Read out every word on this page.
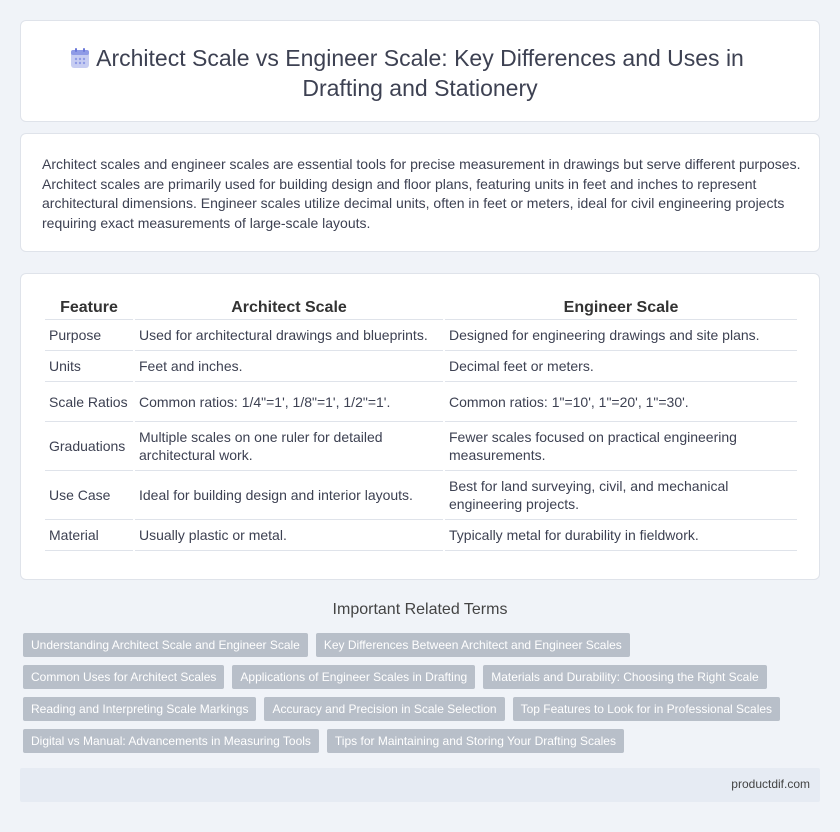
Architect Scale vs Engineer Scale: Key Differences and Uses in Drafting and Stationery

Architect scales and engineer scales are essential tools for precise measurement in drawings but serve different purposes. Architect scales are primarily used for building design and floor plans, featuring units in feet and inches to represent architectural dimensions. Engineer scales utilize decimal units, often in feet or meters, ideal for civil engineering projects requiring exact measurements of large-scale layouts.

Feature	Architect Scale	Engineer Scale
Purpose	Used for architectural drawings and blueprints.	Designed for engineering drawings and site plans.
Units	Feet and inches.	Decimal feet or meters.
Scale Ratios	Common ratios: 1/4"=1', 1/8"=1', 1/2"=1'.	Common ratios: 1"=10', 1"=20', 1"=30'.
Graduations	Multiple scales on one ruler for detailed architectural work.	Fewer scales focused on practical engineering measurements.
Use Case	Ideal for building design and interior layouts.	Best for land surveying, civil, and mechanical engineering projects.
Material	Usually plastic or metal.	Typically metal for durability in fieldwork.
Important Related Terms
Understanding Architect Scale and Engineer Scale	Key Differences Between Architect and Engineer Scales
Common Uses for Architect Scales	Applications of Engineer Scales in Drafting	Materials and Durability: Choosing the Right Scale
Reading and Interpreting Scale Markings	Accuracy and Precision in Scale Selection	Top Features to Look for in Professional Scales
Digital vs Manual: Advancements in Measuring Tools	Tips for Maintaining and Storing Your Drafting Scales
productdif.com
